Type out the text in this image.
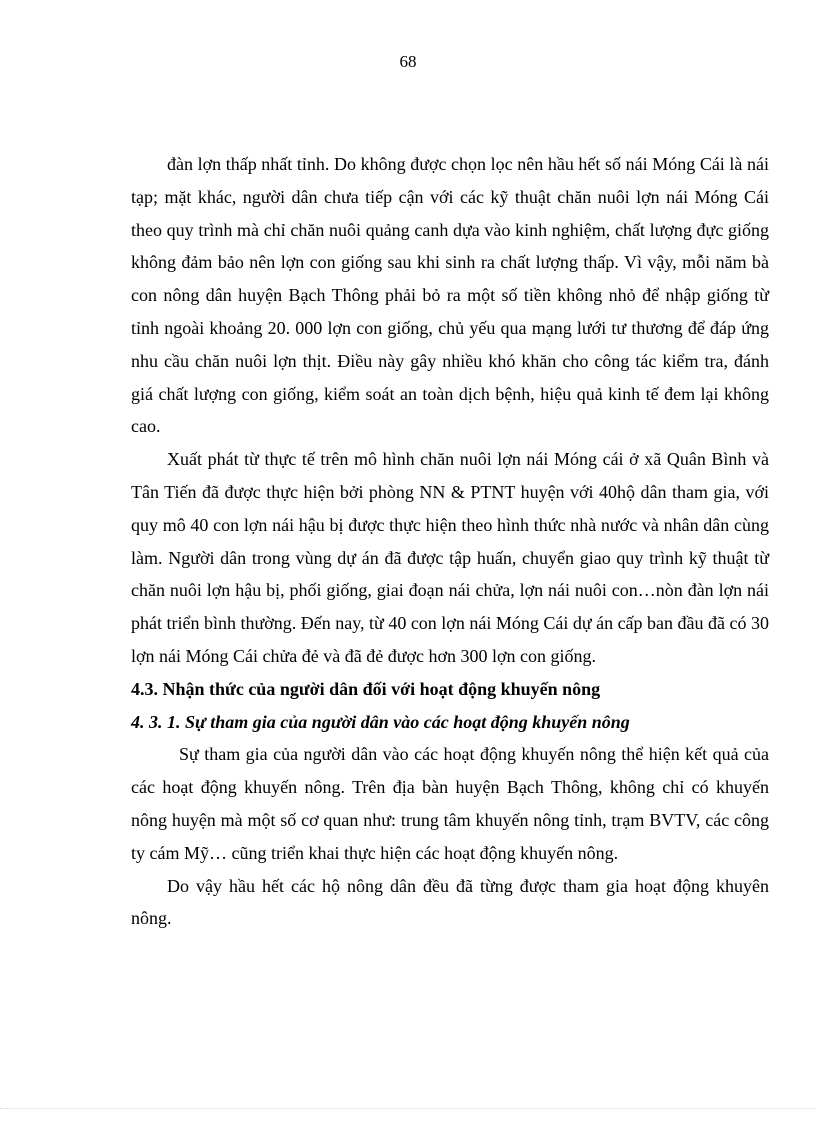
68

đàn lợn thấp nhất tỉnh. Do không được chọn lọc nên hầu hết số nái Móng Cái là nái tạp; mặt khác, người dân chưa tiếp cận với các kỹ thuật chăn nuôi lợn nái Móng Cái theo quy trình mà chỉ chăn nuôi quảng canh dựa vào kinh nghiệm, chất lượng đực giống không đảm bảo nên lợn con giống sau khi sinh ra chất lượng thấp. Vì vậy, mỗi năm bà con nông dân huyện Bạch Thông phải bỏ ra một số tiền không nhỏ để nhập giống từ tỉnh ngoài khoảng 20. 000 lợn con giống, chủ yếu qua mạng lưới tư thương để đáp ứng nhu cầu chăn nuôi lợn thịt. Điều này gây nhiều khó khăn cho công tác kiểm tra, đánh giá chất lượng con giống, kiểm soát an toàn dịch bệnh, hiệu quả kinh tế đem lại không cao.

Xuất phát từ thực tế trên mô hình chăn nuôi lợn nái Móng cái ở xã Quân Bình và Tân Tiến đã được thực hiện bởi phòng NN & PTNT huyện với 40hộ dân tham gia, với quy mô 40 con lợn nái hậu bị được thực hiện theo hình thức nhà nước và nhân dân cùng làm. Người dân trong vùng dự án đã được tập huấn, chuyển giao quy trình kỹ thuật từ chăn nuôi lợn hậu bị, phối giống, giai đoạn nái chửa, lợn nái nuôi con…nòn đàn lợn nái phát triển bình thường. Đến nay, từ 40 con lợn nái Móng Cái dự án cấp ban đầu đã có 30 lợn nái Móng Cái chửa đẻ và đã đẻ được hơn 300 lợn con giống.

4.3. Nhận thức của người dân đối với hoạt động khuyến nông

4. 3. 1. Sự tham gia của người dân vào các hoạt động khuyến nông

Sự tham gia của người dân vào các hoạt động khuyến nông thể hiện kết quả của các hoạt động khuyến nông. Trên địa bàn huyện Bạch Thông, không chỉ có khuyến nông huyện mà một số cơ quan như: trung tâm khuyến nông tỉnh, trạm BVTV, các công ty cám Mỹ… cũng triển khai thực hiện các hoạt động khuyến nông.

Do vậy hầu hết các hộ nông dân đều đã từng được tham gia hoạt động khuyên nông.
